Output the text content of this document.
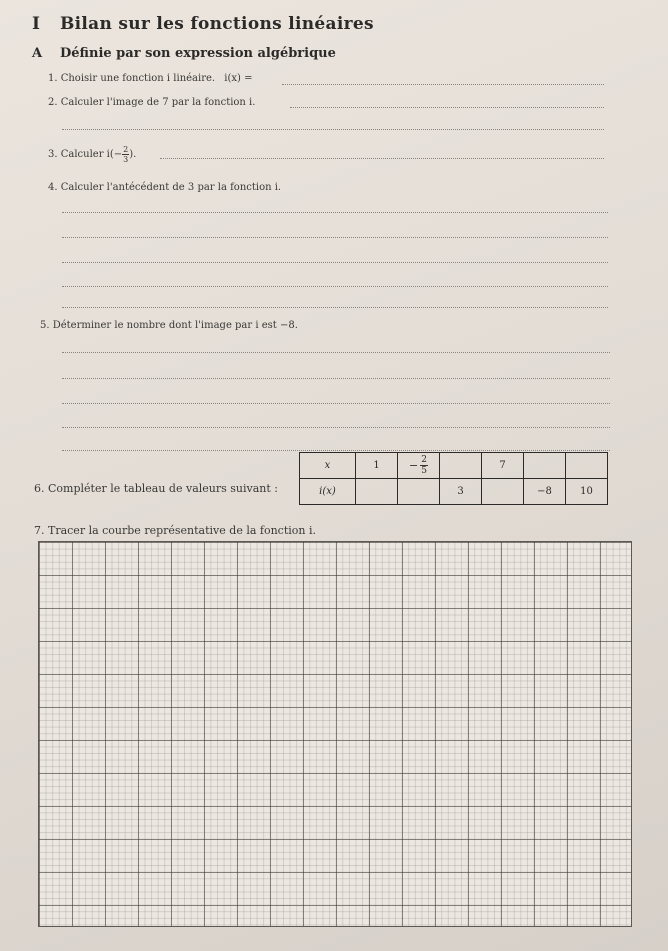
I Bilan sur les fonctions linéaires
A Définie par son expression algébrique
1. Choisir une fonction i linéaire. i(x) =
2. Calculer l'image de 7 par la fonction i.
3. Calculer $i(- \frac{2}{3}$ ).
4. Calculer l'antécédent de 3 par la fonction i.
5. Déterminer le nombre dont l'image par i est −8.
6. Compléter le tableau de valeurs suivant :
x	1	− $\frac{2}{5}$		7		
i(x)			3		−8	10
7. Tracer la courbe représentative de la fonction i.
